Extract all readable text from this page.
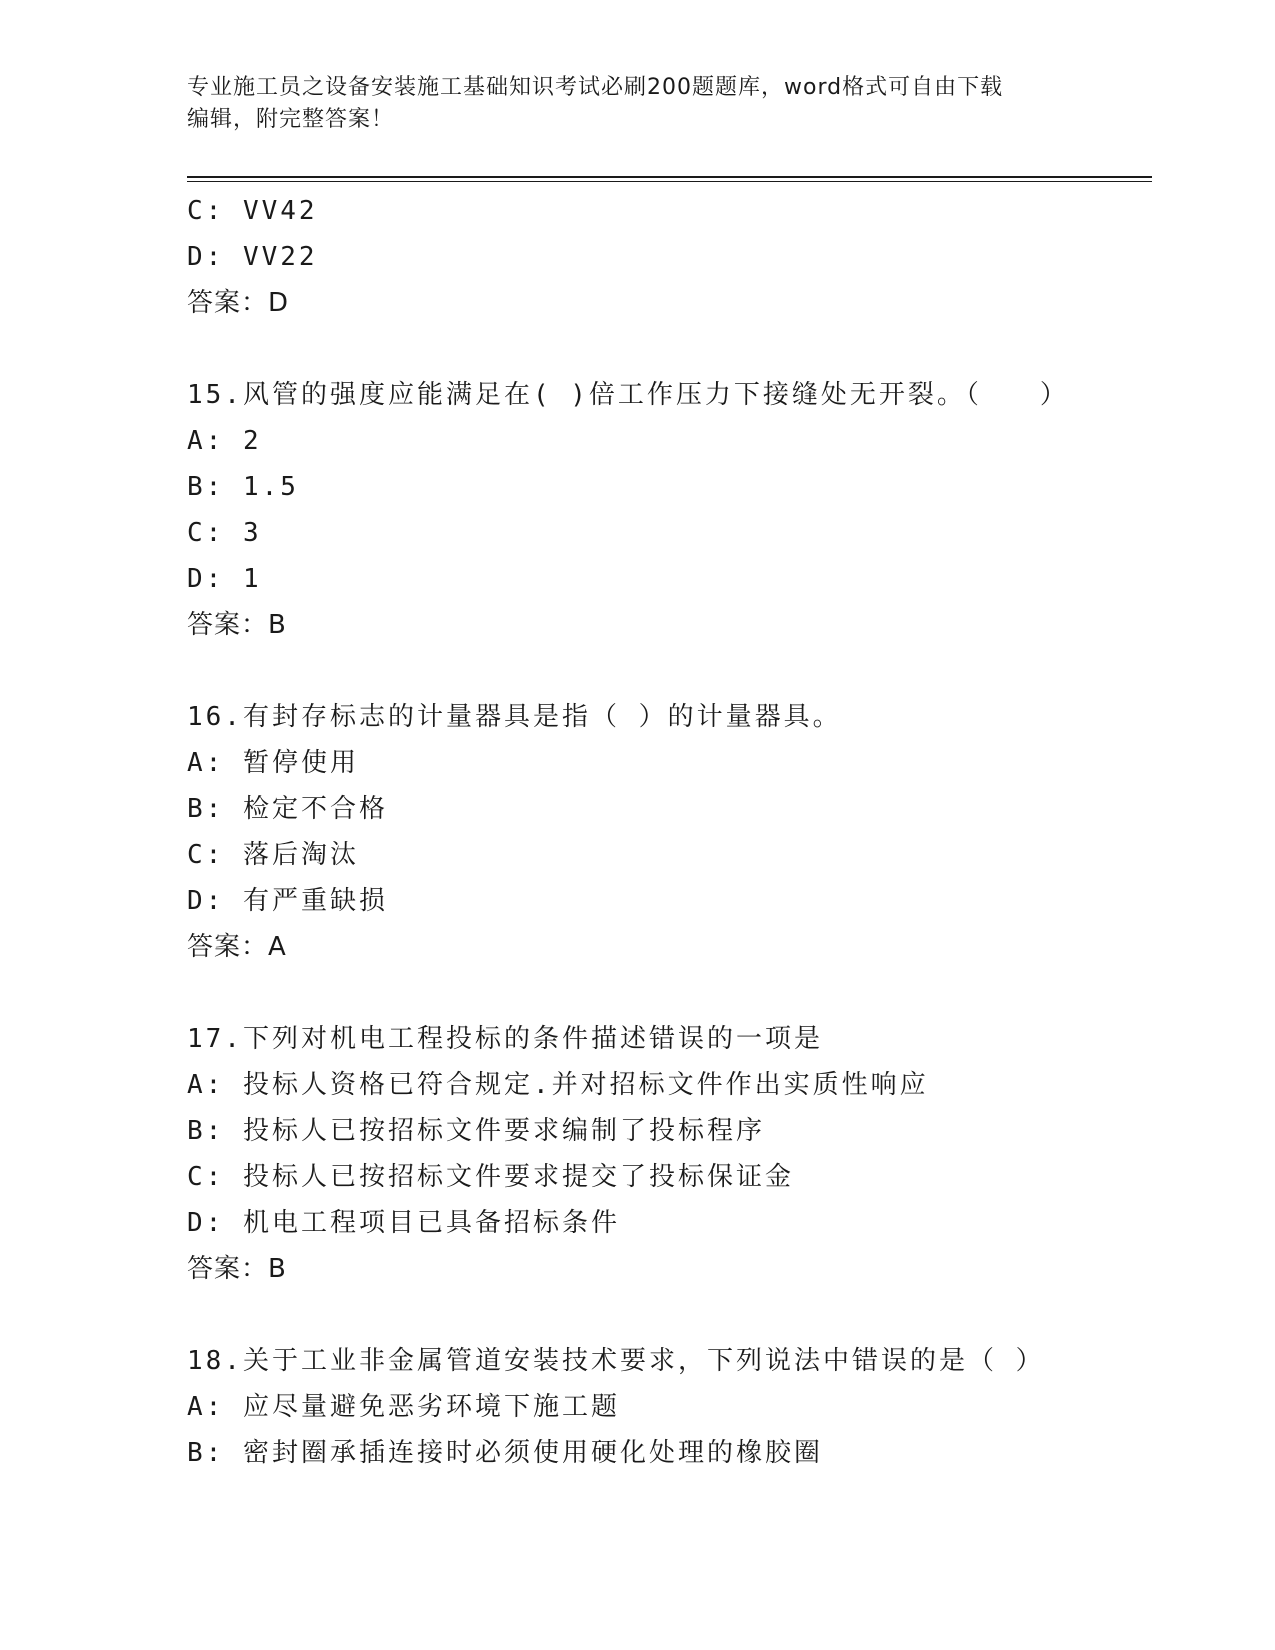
专业施工员之设备安装施工基础知识考试必刷200题题库，word格式可自由下载
编辑，附完整答案！
C: VV42
D: VV22
答案：D
15.风管的强度应能满足在( )倍工作压力下接缝处无开裂。（　　）
A: 2
B: 1.5
C: 3
D: 1
答案：B
16.有封存标志的计量器具是指（ ）的计量器具。
A: 暂停使用
B: 检定不合格
C: 落后淘汰
D: 有严重缺损
答案：A
17.下列对机电工程投标的条件描述错误的一项是
A: 投标人资格已符合规定.并对招标文件作出实质性响应
B: 投标人已按招标文件要求编制了投标程序
C: 投标人已按招标文件要求提交了投标保证金
D: 机电工程项目已具备招标条件
答案：B
18.关于工业非金属管道安装技术要求，下列说法中错误的是（ ）
A: 应尽量避免恶劣环境下施工题
B: 密封圈承插连接时必须使用硬化处理的橡胶圈
